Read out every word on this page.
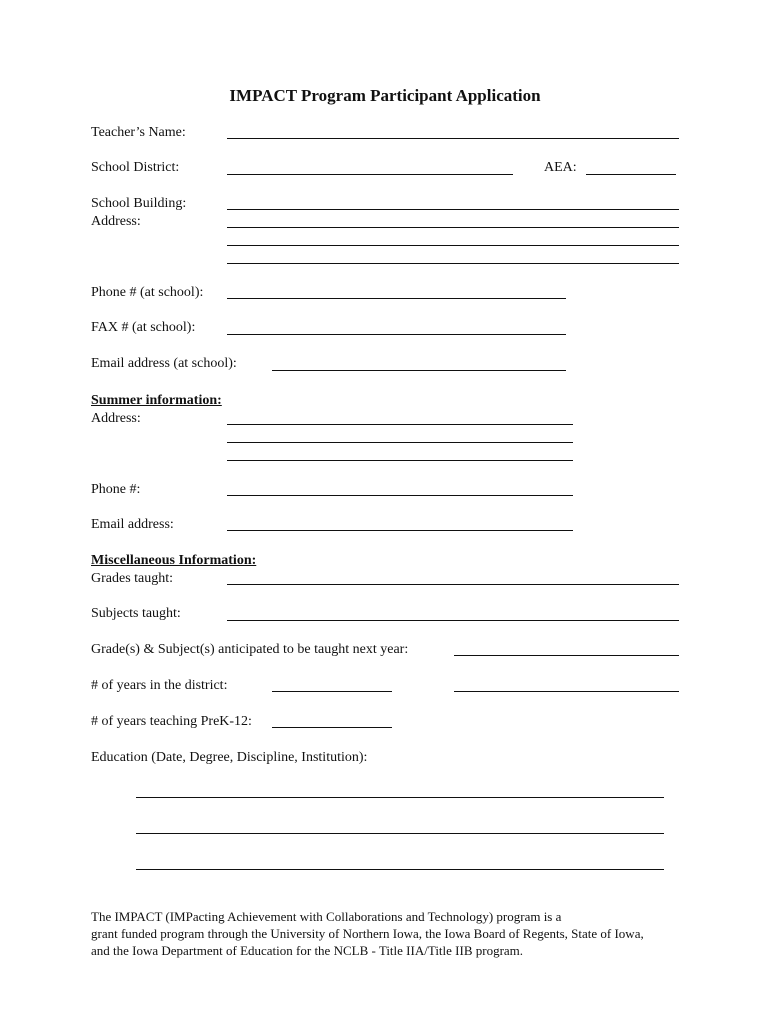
IMPACT Program Participant Application
Teacher’s Name:
School District:	AEA:
School Building:
Address:
Phone # (at school):
FAX # (at school):
Email address (at school):
Summer information:
Address:
Phone #:
Email address:
Miscellaneous Information:
Grades taught:
Subjects taught:
Grade(s) & Subject(s) anticipated to be taught next year:
# of years in the district:
# of years teaching PreK-12:
Education (Date, Degree, Discipline, Institution):
The IMPACT (IMPacting Achievement with Collaborations and Technology) program is a
grant funded program through the University of Northern Iowa, the Iowa Board of Regents, State of Iowa,
and the Iowa Department of Education for the NCLB - Title IIA/Title IIB program.
